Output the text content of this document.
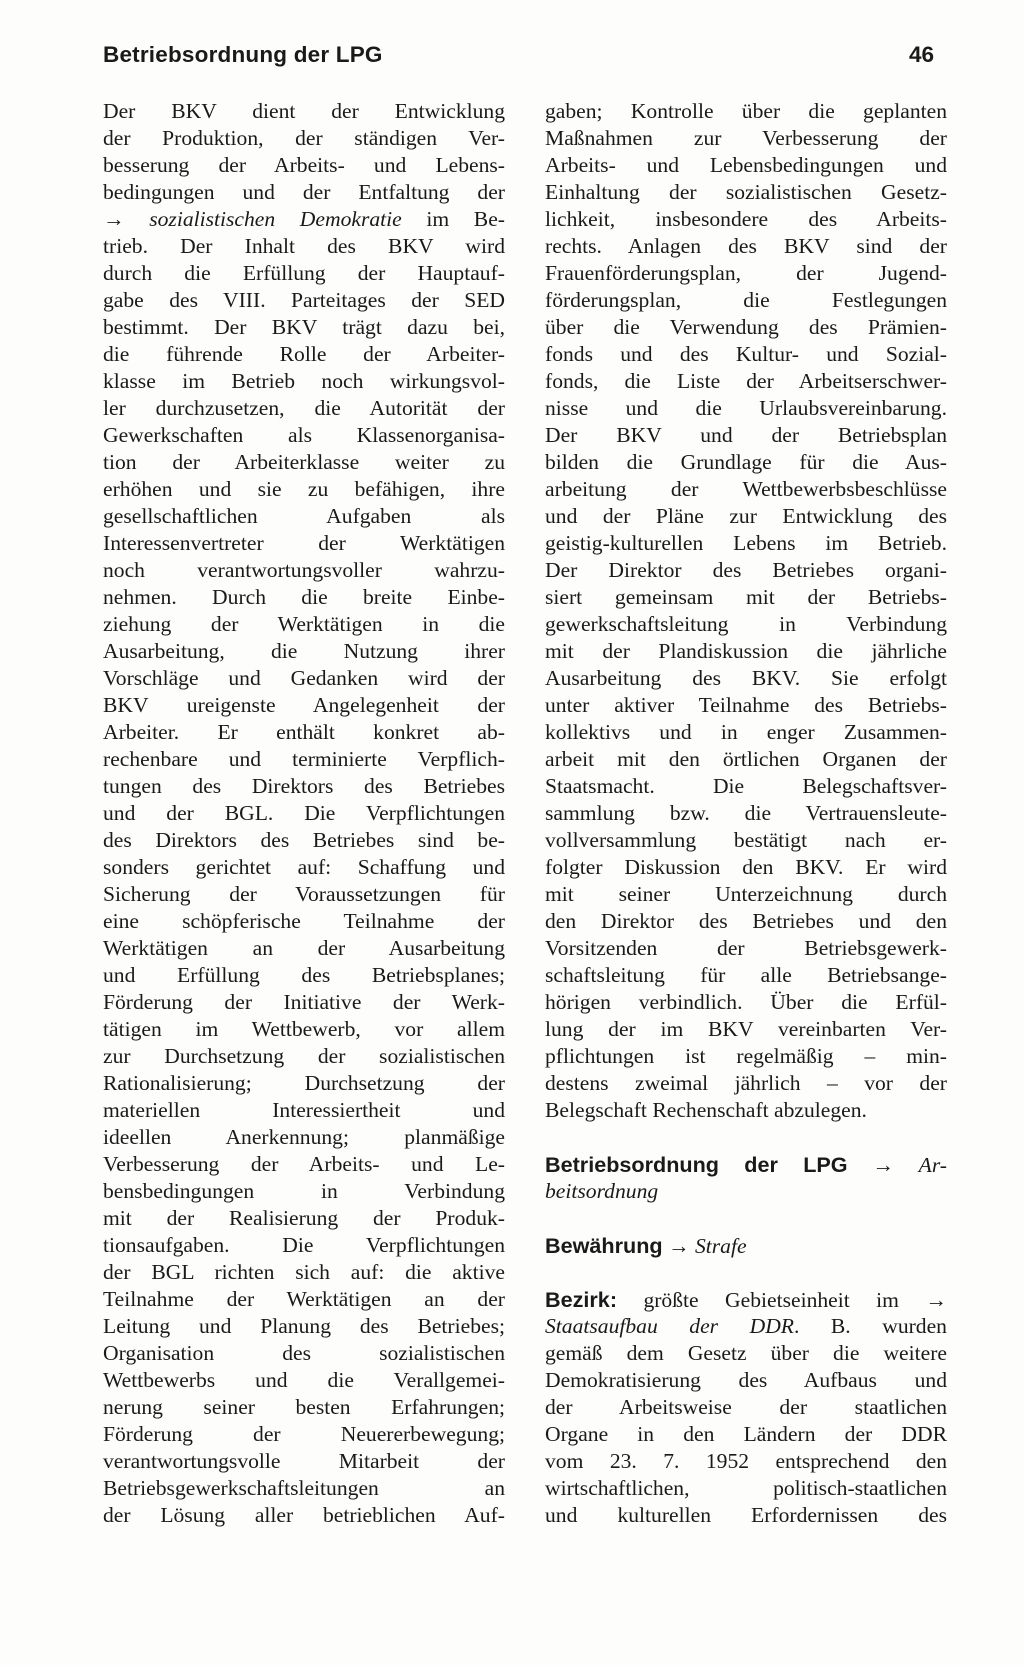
Betriebsordnung der LPG	46
Der BKV dient der Entwicklung
der Produktion, der ständigen Ver-
besserung der Arbeits- und Lebens-
bedingungen und der Entfaltung der
→ sozialistischen Demokratie im Be-
trieb. Der Inhalt des BKV wird
durch die Erfüllung der Hauptauf-
gabe des VIII. Parteitages der SED
bestimmt. Der BKV trägt dazu bei,
die führende Rolle der Arbeiter-
klasse im Betrieb noch wirkungsvol-
ler durchzusetzen, die Autorität der
Gewerkschaften als Klassenorganisa-
tion der Arbeiterklasse weiter zu
erhöhen und sie zu befähigen, ihre
gesellschaftlichen Aufgaben als
Interessenvertreter der Werktätigen
noch verantwortungsvoller wahrzu-
nehmen. Durch die breite Einbe-
ziehung der Werktätigen in die
Ausarbeitung, die Nutzung ihrer
Vorschläge und Gedanken wird der
BKV ureigenste Angelegenheit der
Arbeiter. Er enthält konkret ab-
rechenbare und terminierte Verpflich-
tungen des Direktors des Betriebes
und der BGL. Die Verpflichtungen
des Direktors des Betriebes sind be-
sonders gerichtet auf: Schaffung und
Sicherung der Voraussetzungen für
eine schöpferische Teilnahme der
Werktätigen an der Ausarbeitung
und Erfüllung des Betriebsplanes;
Förderung der Initiative der Werk-
tätigen im Wettbewerb, vor allem
zur Durchsetzung der sozialistischen
Rationalisierung; Durchsetzung der
materiellen Interessiertheit und
ideellen Anerkennung; planmäßige
Verbesserung der Arbeits- und Le-
bensbedingungen in Verbindung
mit der Realisierung der Produk-
tionsaufgaben. Die Verpflichtungen
der BGL richten sich auf: die aktive
Teilnahme der Werktätigen an der
Leitung und Planung des Betriebes;
Organisation des sozialistischen
Wettbewerbs und die Verallgemei-
nerung seiner besten Erfahrungen;
Förderung der Neuererbewegung;
verantwortungsvolle Mitarbeit der
Betriebsgewerkschaftsleitungen an
der Lösung aller betrieblichen Auf-
gaben; Kontrolle über die geplanten
Maßnahmen zur Verbesserung der
Arbeits- und Lebensbedingungen und
Einhaltung der sozialistischen Gesetz-
lichkeit, insbesondere des Arbeits-
rechts. Anlagen des BKV sind der
Frauenförderungsplan, der Jugend-
förderungsplan, die Festlegungen
über die Verwendung des Prämien-
fonds und des Kultur- und Sozial-
fonds, die Liste der Arbeitserschwer-
nisse und die Urlaubsvereinbarung.
Der BKV und der Betriebsplan
bilden die Grundlage für die Aus-
arbeitung der Wettbewerbsbeschlüsse
und der Pläne zur Entwicklung des
geistig-kulturellen Lebens im Betrieb.
Der Direktor des Betriebes organi-
siert gemeinsam mit der Betriebs-
gewerkschaftsleitung in Verbindung
mit der Plandiskussion die jährliche
Ausarbeitung des BKV. Sie erfolgt
unter aktiver Teilnahme des Betriebs-
kollektivs und in enger Zusammen-
arbeit mit den örtlichen Organen der
Staatsmacht. Die Belegschaftsver-
sammlung bzw. die Vertrauensleute-
vollversammlung bestätigt nach er-
folgter Diskussion den BKV. Er wird
mit seiner Unterzeichnung durch
den Direktor des Betriebes und den
Vorsitzenden der Betriebsgewerk-
schaftsleitung für alle Betriebsange-
hörigen verbindlich. Über die Erfül-
lung der im BKV vereinbarten Ver-
pflichtungen ist regelmäßig – min-
destens zweimal jährlich – vor der
Belegschaft Rechenschaft abzulegen.
Betriebsordnung der LPG → Ar-
beitsordnung
Bewährung → Strafe
Bezirk: größte Gebietseinheit im →
Staatsaufbau der DDR. B. wurden
gemäß dem Gesetz über die weitere
Demokratisierung des Aufbaus und
der Arbeitsweise der staatlichen
Organe in den Ländern der DDR
vom 23. 7. 1952 entsprechend den
wirtschaftlichen, politisch-staatlichen
und kulturellen Erfordernissen des
